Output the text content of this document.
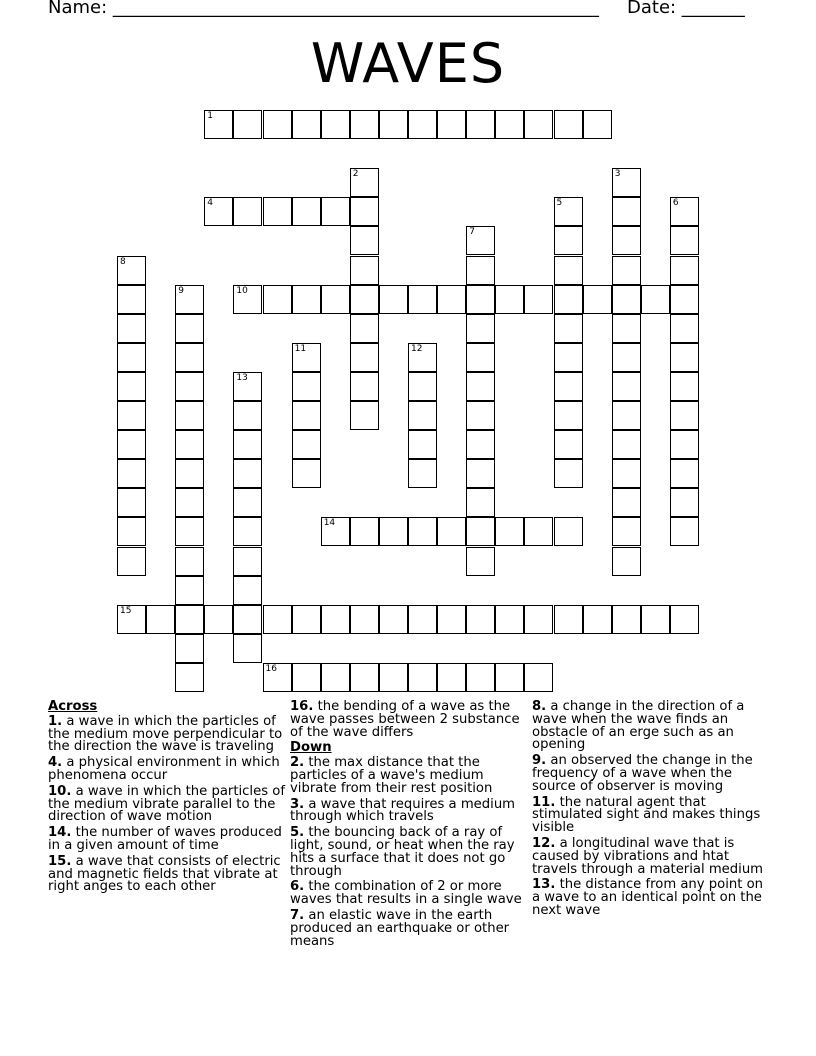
Name: ______________________________________________________ Date: _______
WAVES
1
2	3
4	5	6
7
8
9	10
11	12
13
14
15
16
Across
1. a wave in which the particles of the medium move perpendicular to the direction the wave is traveling
4. a physical environment in which phenomena occur
10. a wave in which the particles of the medium vibrate parallel to the direction of wave motion
14. the number of waves produced in a given amount of time
15. a wave that consists of electric and magnetic fields that vibrate at right anges to each other
16. the bending of a wave as the wave passes between 2 substance of the wave differs
Down
2. the max distance that the particles of a wave's medium vibrate from their rest position
3. a wave that requires a medium through which travels
5. the bouncing back of a ray of light, sound, or heat when the ray hits a surface that it does not go through
6. the combination of 2 or more waves that results in a single wave
7. an elastic wave in the earth produced an earthquake or other means
8. a change in the direction of a wave when the wave finds an obstacle of an erge such as an opening
9. an observed the change in the frequency of a wave when the source of observer is moving
11. the natural agent that stimulated sight and makes things visible
12. a longitudinal wave that is caused by vibrations and htat travels through a material medium
13. the distance from any point on a wave to an identical point on the next wave
